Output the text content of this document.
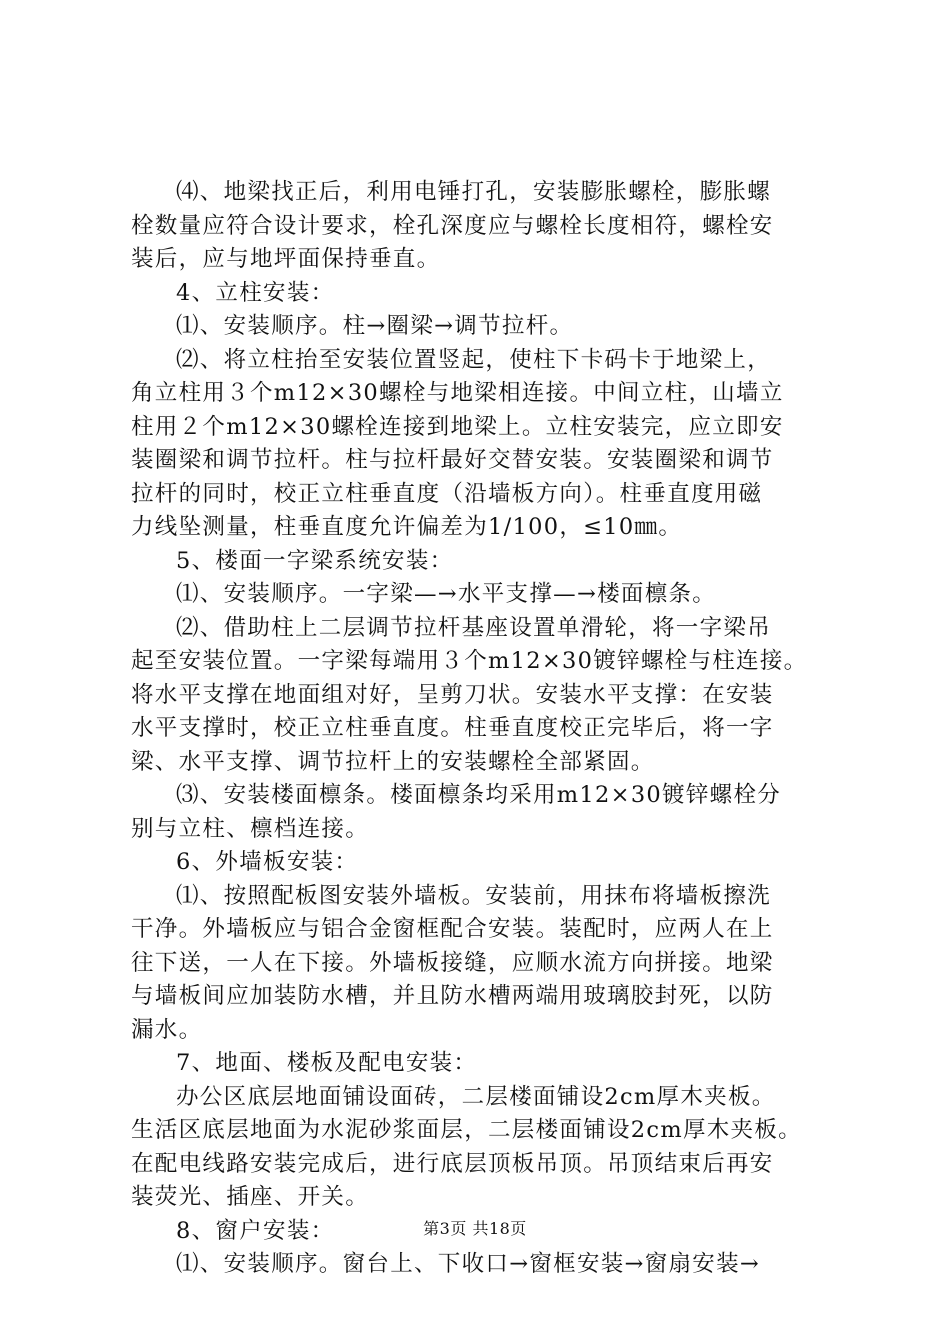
⑷、地梁找正后，利用电锤打孔，安装膨胀螺栓，膨胀螺
栓数量应符合设计要求，栓孔深度应与螺栓长度相符，螺栓安
装后，应与地坪面保持垂直。
4、立柱安装：
⑴、安装顺序。柱→圈梁→调节拉杆。
⑵、将立柱抬至安装位置竖起，使柱下卡码卡于地梁上，
角立柱用３个m12×30螺栓与地梁相连接。中间立柱，山墙立
柱用２个m12×30螺栓连接到地梁上。立柱安装完，应立即安
装圈梁和调节拉杆。柱与拉杆最好交替安装。安装圈梁和调节
拉杆的同时，校正立柱垂直度（沿墙板方向）。柱垂直度用磁
力线坠测量，柱垂直度允许偏差为1/100，≤10㎜。
5、楼面一字梁系统安装：
⑴、安装顺序。一字梁—→水平支撑—→楼面檩条。
⑵、借助柱上二层调节拉杆基座设置单滑轮，将一字梁吊
起至安装位置。一字梁每端用３个m12×30镀锌螺栓与柱连接。
将水平支撑在地面组对好，呈剪刀状。安装水平支撑：在安装
水平支撑时，校正立柱垂直度。柱垂直度校正完毕后，将一字
梁、水平支撑、调节拉杆上的安装螺栓全部紧固。
⑶、安装楼面檩条。楼面檩条均采用m12×30镀锌螺栓分
别与立柱、檩档连接。
6、外墙板安装：
⑴、按照配板图安装外墙板。安装前，用抹布将墙板擦洗
干净。外墙板应与铝合金窗框配合安装。装配时，应两人在上
往下送，一人在下接。外墙板接缝，应顺水流方向拼接。地梁
与墙板间应加装防水槽，并且防水槽两端用玻璃胶封死，以防
漏水。
7、地面、楼板及配电安装：
办公区底层地面铺设面砖，二层楼面铺设2cm厚木夹板。
生活区底层地面为水泥砂浆面层，二层楼面铺设2cm厚木夹板。
在配电线路安装完成后，进行底层顶板吊顶。吊顶结束后再安
装荧光、插座、开关。
8、窗户安装：
⑴、安装顺序。窗台上、下收口→窗框安装→窗扇安装→
第3页 共18页
